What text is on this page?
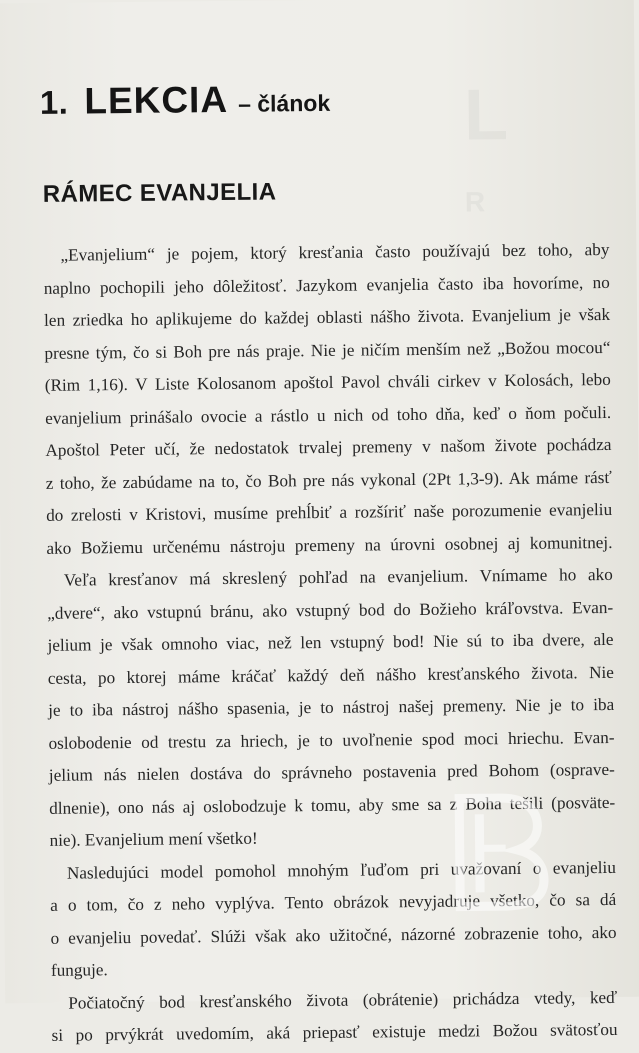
L
R
1. LEKCIA – článok
RÁMEC EVANJELIA
„Evanjelium“ je pojem, ktorý kresťania často používajú bez toho, aby
naplno pochopili jeho dôležitosť. Jazykom evanjelia často iba hovoríme, no
len zriedka ho aplikujeme do každej oblasti nášho života. Evanjelium je však
presne tým, čo si Boh pre nás praje. Nie je ničím menším než „Božou mocou“
(Rim 1,16). V Liste Kolosanom apoštol Pavol chváli cirkev v Kolosách, lebo
evanjelium prinášalo ovocie a rástlo u nich od toho dňa, keď o ňom počuli.
Apoštol Peter učí, že nedostatok trvalej premeny v našom živote pochádza
z toho, že zabúdame na to, čo Boh pre nás vykonal (2Pt 1,3-9). Ak máme rásť
do zrelosti v Kristovi, musíme prehĺbiť a rozšíriť naše porozumenie evanjeliu
ako Božiemu určenému nástroju premeny na úrovni osobnej aj komunitnej.
Veľa kresťanov má skreslený pohľad na evanjelium. Vnímame ho ako
„dvere“, ako vstupnú bránu, ako vstupný bod do Božieho kráľovstva. Evan-
jelium je však omnoho viac, než len vstupný bod! Nie sú to iba dvere, ale
cesta, po ktorej máme kráčať každý deň nášho kresťanského života. Nie
je to iba nástroj nášho spasenia, je to nástroj našej premeny. Nie je to iba
oslobodenie od trestu za hriech, je to uvoľnenie spod moci hriechu. Evan-
jelium nás nielen dostáva do správneho postavenia pred Bohom (osprave-
dlnenie), ono nás aj oslobodzuje k tomu, aby sme sa z Boha tešili (posväte-
nie). Evanjelium mení všetko!
Nasledujúci model pomohol mnohým ľuďom pri uvažovaní o evanjeliu
a o tom, čo z neho vyplýva. Tento obrázok nevyjadruje všetko, čo sa dá
o evanjeliu povedať. Slúži však ako užitočné, názorné zobrazenie toho, ako
funguje.
Počiatočný bod kresťanského života (obrátenie) prichádza vtedy, keď
si po prvýkrát uvedomím, aká priepasť existuje medzi Božou svätosťou
